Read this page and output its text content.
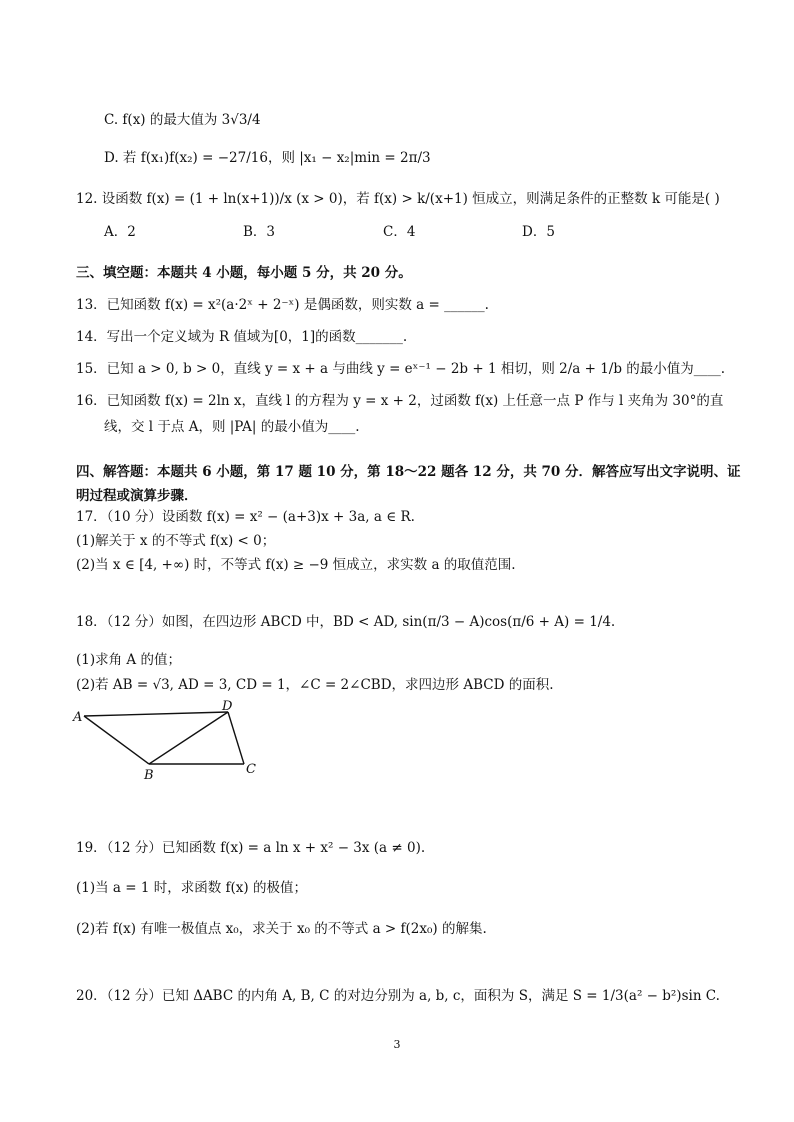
C. f(x) 的最大值为 3√3/4
D. 若 f(x₁)f(x₂) = −27/16，则 |x₁ − x₂|min = 2π/3
12. 设函数 f(x) = (1 + ln(x+1))/x (x > 0)，若 f(x) > k/(x+1) 恒成立，则满足条件的正整数 k 可能是( )
A．2	B．3	C．4	D．5
三、填空题：本题共 4 小题，每小题 5 分，共 20 分。
13．已知函数 f(x) = x²(a·2ˣ + 2⁻ˣ) 是偶函数，则实数 a = ______.
14．写出一个定义域为 R 值域为[0，1]的函数_______.
15．已知 a > 0, b > 0，直线 y = x + a 与曲线 y = eˣ⁻¹ − 2b + 1 相切，则 2/a + 1/b 的最小值为____.
16．已知函数 f(x) = 2ln x，直线 l 的方程为 y = x + 2，过函数 f(x) 上任意一点 P 作与 l 夹角为 30°的直
线，交 l 于点 A，则 |PA| 的最小值为____.
四、解答题：本题共 6 小题，第 17 题 10 分，第 18～22 题各 12 分，共 70 分．解答应写出文字说明、证
明过程或演算步骤．
17．（10 分）设函数 f(x) = x² − (a+3)x + 3a, a ∈ R.
(1)解关于 x 的不等式 f(x) < 0；
(2)当 x ∈ [4, +∞) 时，不等式 f(x) ≥ −9 恒成立，求实数 a 的取值范围.
18．（12 分）如图，在四边形 ABCD 中，BD < AD, sin(π/3 − A)cos(π/6 + A) = 1/4.
(1)求角 A 的值；
(2)若 AB = √3, AD = 3, CD = 1，∠C = 2∠CBD，求四边形 ABCD 的面积.
A
B	C
D
19．（12 分）已知函数 f(x) = a ln x + x² − 3x (a ≠ 0).
(1)当 a = 1 时，求函数 f(x) 的极值；
(2)若 f(x) 有唯一极值点 x₀，求关于 x₀ 的不等式 a > f(2x₀) 的解集.
20．（12 分）已知 ΔABC 的内角 A, B, C 的对边分别为 a, b, c，面积为 S，满足 S = 1/3(a² − b²)sin C.
3
